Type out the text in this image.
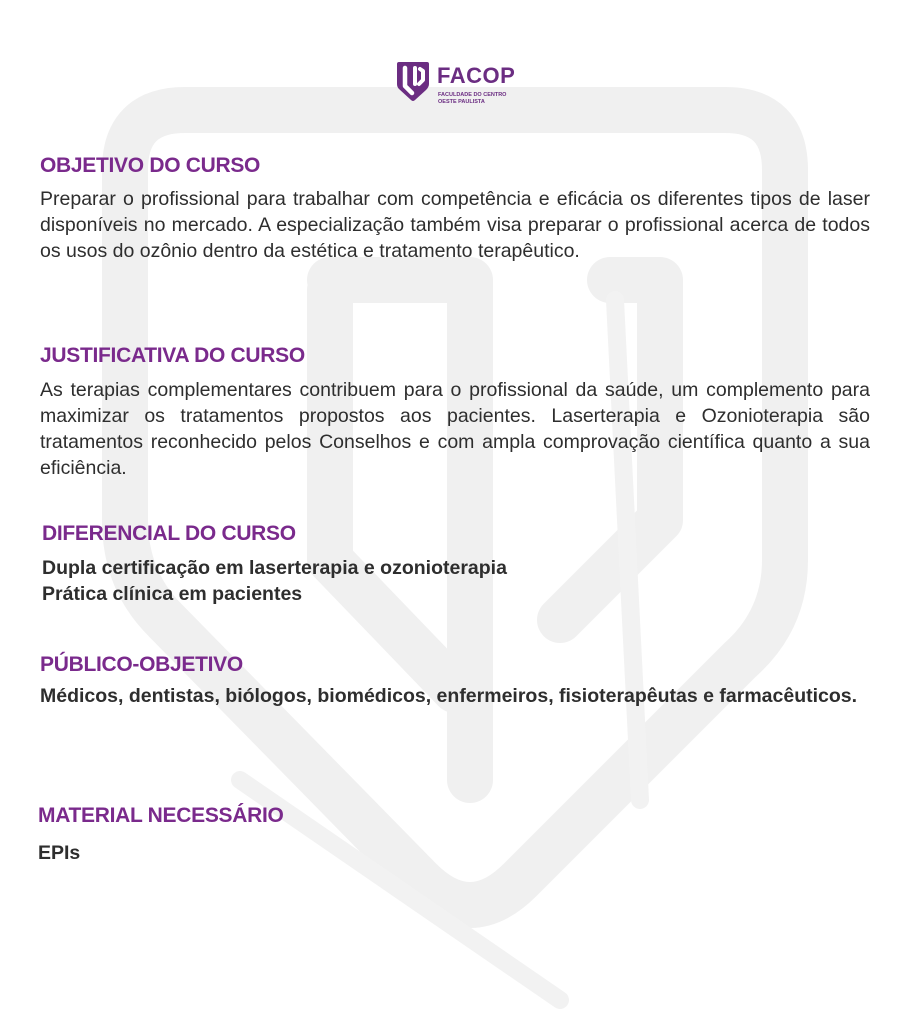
FACOP
FACULDADE DO CENTRO
OESTE PAULISTA
OBJETIVO DO CURSO

Preparar o profissional para trabalhar com competência e eficácia os diferentes tipos de laser disponíveis no mercado. A especialização também visa preparar o profissional acerca de todos os usos do ozônio dentro da estética e tratamento terapêutico.

JUSTIFICATIVA DO CURSO

As terapias complementares contribuem para o profissional da saúde, um complemento para maximizar os tratamentos propostos aos pacientes. Laserterapia e Ozonioterapia são tratamentos reconhecido pelos Conselhos e com ampla comprovação científica quanto a sua eficiência.

DIFERENCIAL DO CURSO
Dupla certificação em laserterapia e ozonioterapia
Prática clínica em pacientes
PÚBLICO-OBJETIVO

Médicos, dentistas, biólogos, biomédicos, enfermeiros, fisioterapêutas e farmacêuticos.

MATERIAL NECESSÁRIO

EPIs
